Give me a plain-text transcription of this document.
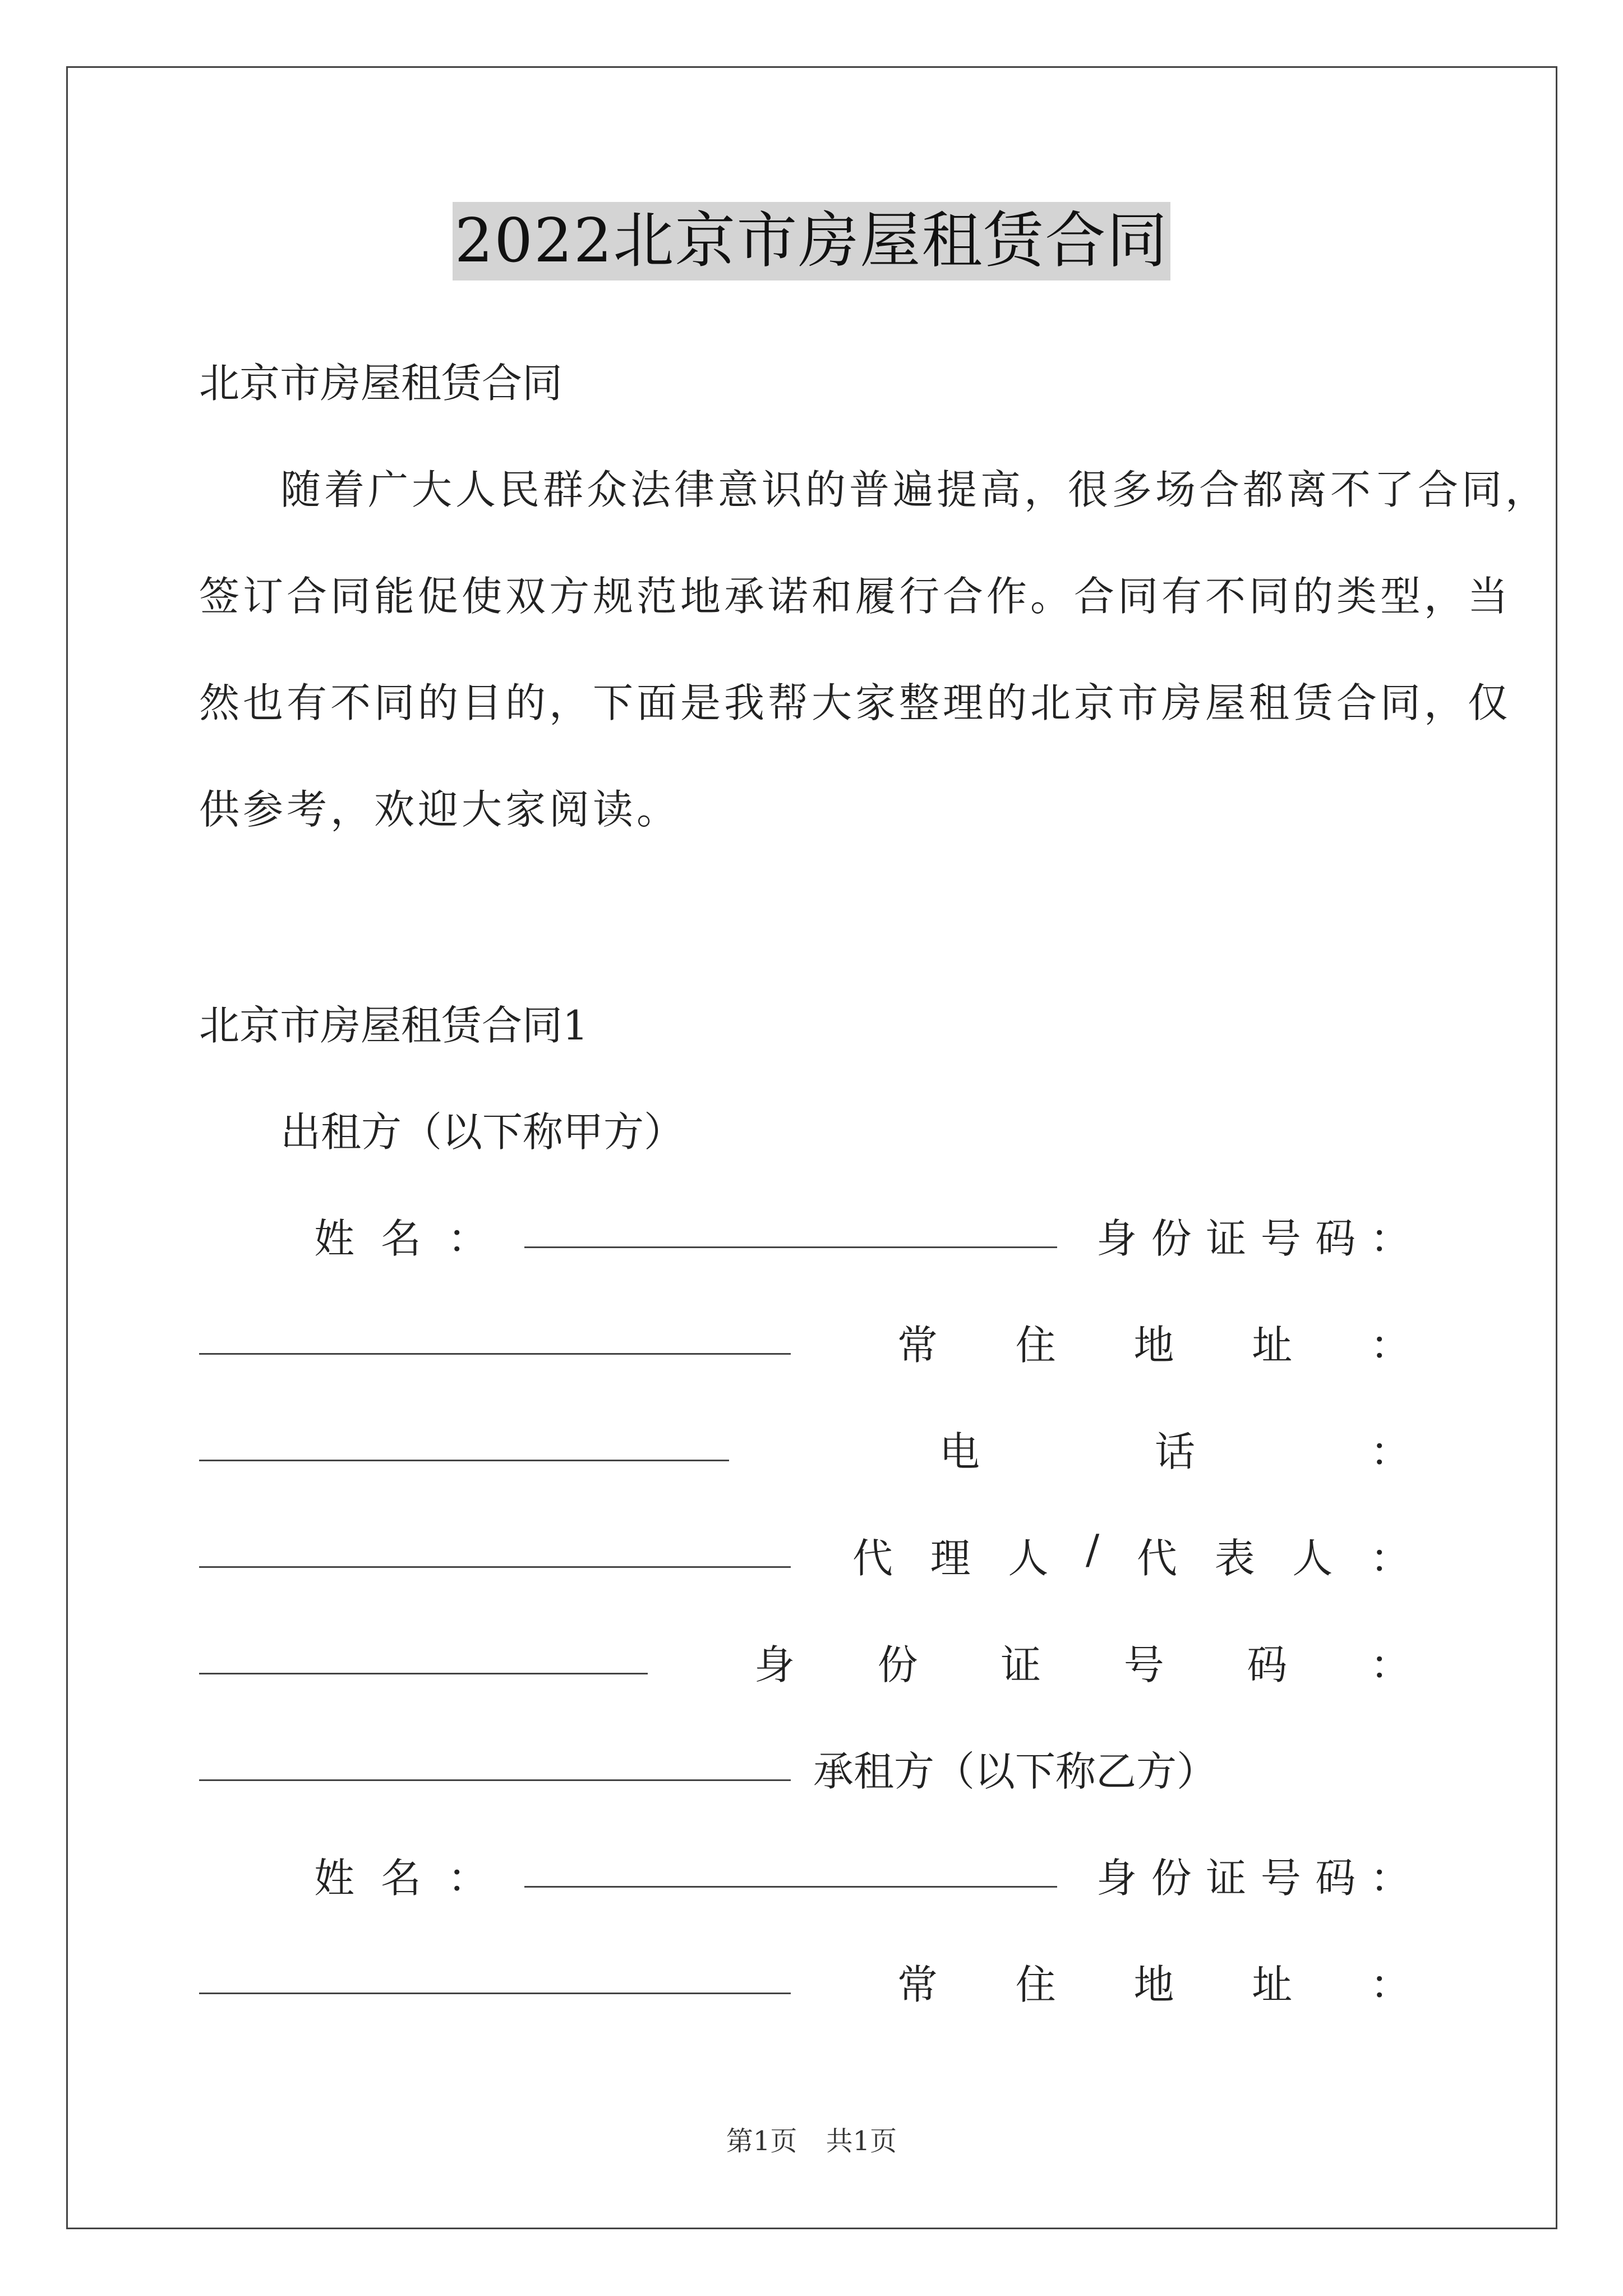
2022北京市房屋租赁合同
北京市房屋租赁合同
随着广大人民群众法律意识的普遍提高，很多场合都离不了合同，
签订合同能促使双方规范地承诺和履行合作。合同有不同的类型，当
然也有不同的目的，下面是我帮大家整理的北京市房屋租赁合同，仅
供参考，欢迎大家阅读。
北京市房屋租赁合同1
出租方（以下称甲方）
姓 名 ：	身 份 证 号 码 ：
常 住 地 址 ：
电	话	：
代 理 人 / 代 表 人 ：
身 份 证 号 码 ：
承租方（以下称乙方）
姓 名 ：	身 份 证 号 码 ：
常 住 地 址 ：
第1页 共1页
